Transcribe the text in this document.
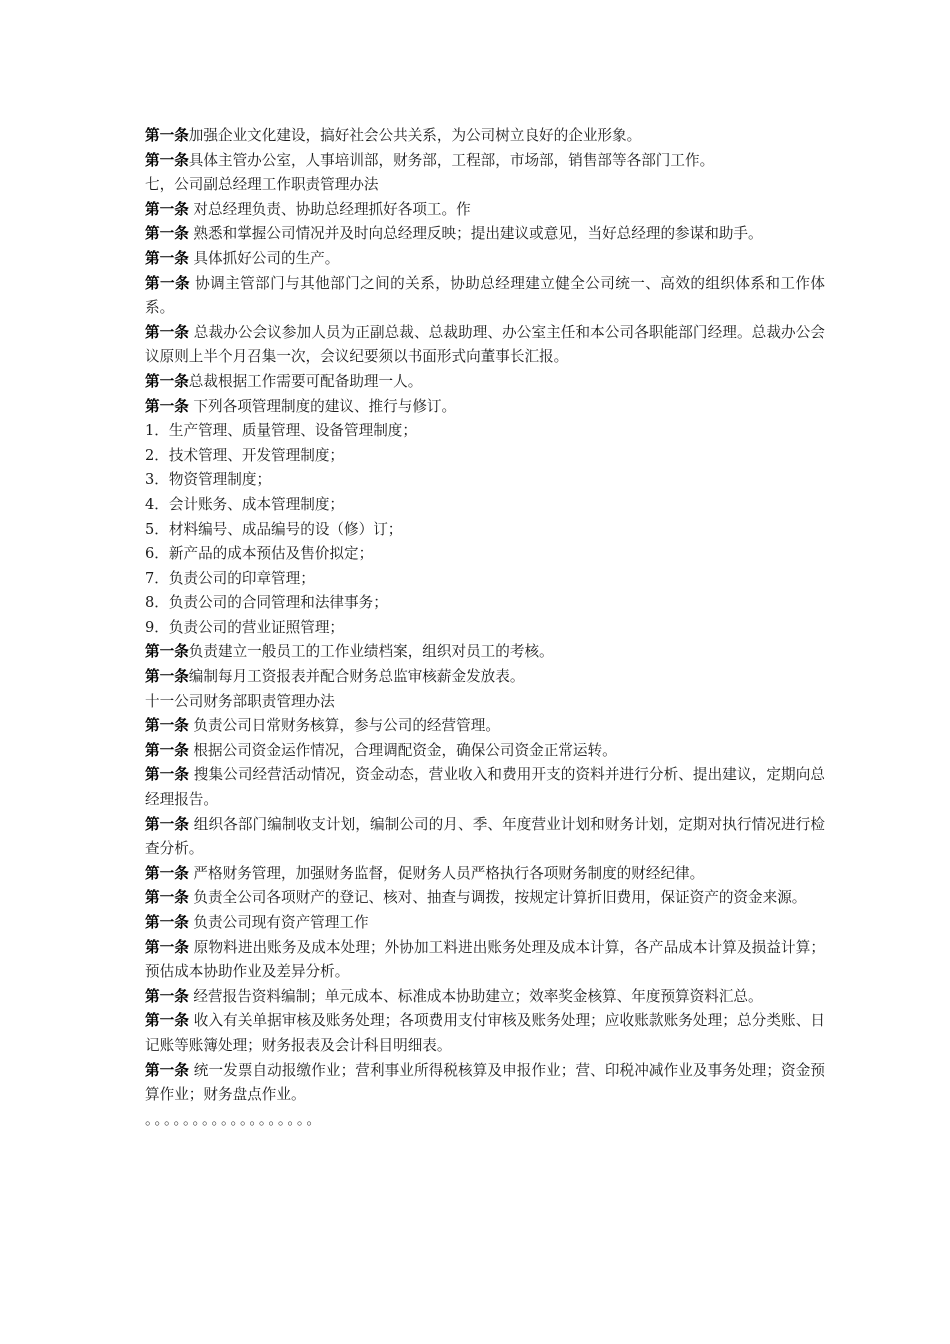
第一条加强企业文化建设，搞好社会公共关系，为公司树立良好的企业形象。

第一条具体主管办公室，人事培训部，财务部，工程部，市场部，销售部等各部门工作。

七，公司副总经理工作职责管理办法

第一条 对总经理负责、协助总经理抓好各项工。作

第一条 熟悉和掌握公司情况并及时向总经理反映；提出建议或意见，当好总经理的参谋和助手。

第一条 具体抓好公司的生产。

第一条 协调主管部门与其他部门之间的关系，协助总经理建立健全公司统一、高效的组织体系和工作体系。

第一条 总裁办公会议参加人员为正副总裁、总裁助理、办公室主任和本公司各职能部门经理。总裁办公会议原则上半个月召集一次，会议纪要须以书面形式向董事长汇报。

第一条总裁根据工作需要可配备助理一人。

第一条 下列各项管理制度的建议、推行与修订。

1．生产管理、质量管理、设备管理制度；

2．技术管理、开发管理制度；

3．物资管理制度；

4．会计账务、成本管理制度；

5．材料编号、成品编号的设（修）订；

6．新产品的成本预估及售价拟定；

7．负责公司的印章管理；

8．负责公司的合同管理和法律事务；

9．负责公司的营业证照管理；

第一条负责建立一般员工的工作业绩档案，组织对员工的考核。

第一条编制每月工资报表并配合财务总监审核薪金发放表。

十一公司财务部职责管理办法

第一条 负责公司日常财务核算，参与公司的经营管理。

第一条 根据公司资金运作情况，合理调配资金，确保公司资金正常运转。

第一条 搜集公司经营活动情况，资金动态，营业收入和费用开支的资料并进行分析、提出建议，定期向总经理报告。

第一条 组织各部门编制收支计划，编制公司的月、季、年度营业计划和财务计划，定期对执行情况进行检查分析。

第一条 严格财务管理，加强财务监督，促财务人员严格执行各项财务制度的财经纪律。

第一条 负责全公司各项财产的登记、核对、抽查与调拨，按规定计算折旧费用，保证资产的资金来源。

第一条 负责公司现有资产管理工作

第一条 原物料进出账务及成本处理；外协加工料进出账务处理及成本计算，各产品成本计算及损益计算；预估成本协助作业及差异分析。

第一条 经营报告资料编制；单元成本、标准成本协助建立；效率奖金核算、年度预算资料汇总。

第一条 收入有关单据审核及账务处理；各项费用支付审核及账务处理；应收账款账务处理；总分类账、日记账等账簿处理；财务报表及会计科目明细表。

第一条 统一发票自动报缴作业；营利事业所得税核算及申报作业；营、印税冲减作业及事务处理；资金预算作业；财务盘点作业。

。。。。。。。。。。。。。。。。。。
